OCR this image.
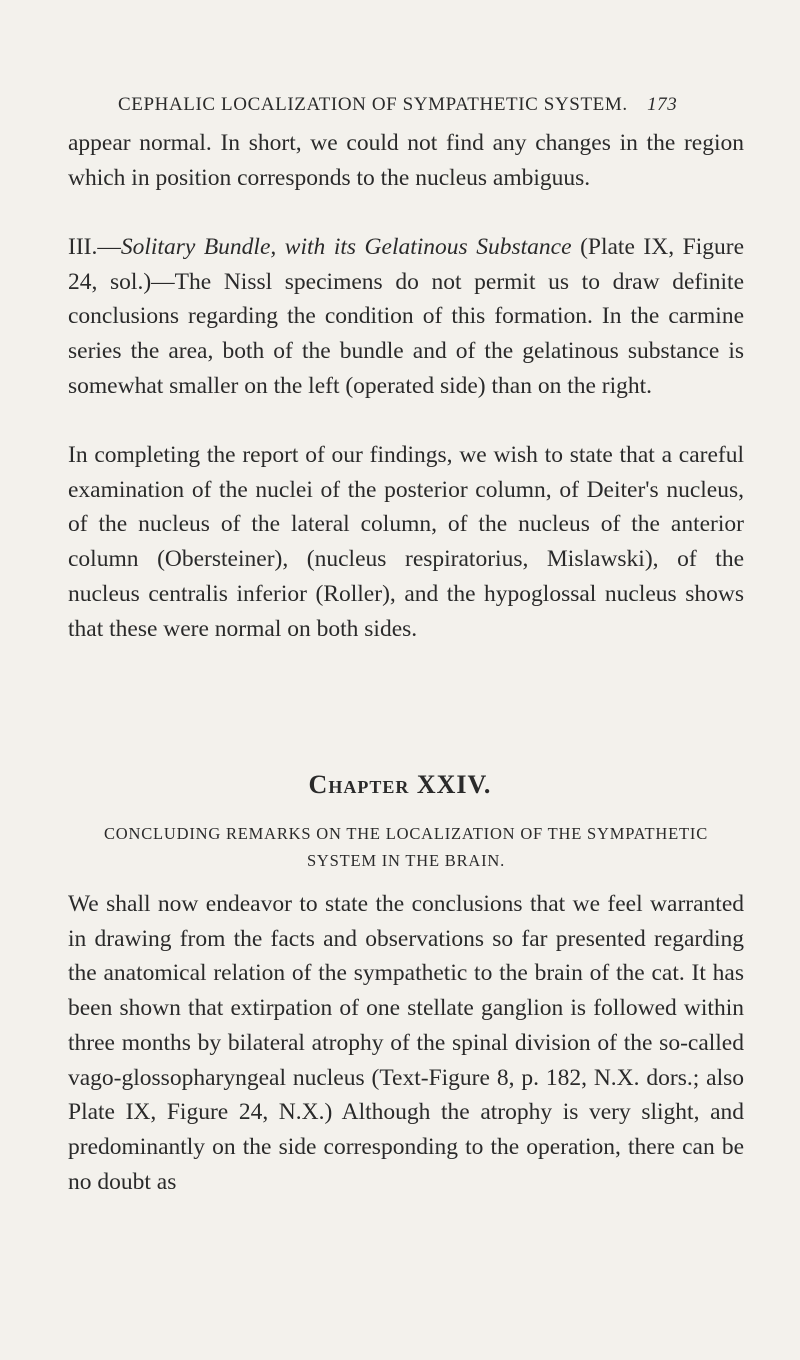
CEPHALIC LOCALIZATION OF SYMPATHETIC SYSTEM. 173

appear normal. In short, we could not find any changes in the region which in position corresponds to the nucleus ambiguus.

III.—Solitary Bundle, with its Gelatinous Substance (Plate IX, Figure 24, sol.)—The Nissl specimens do not permit us to draw definite conclusions regarding the condition of this formation. In the carmine series the area, both of the bundle and of the gelatinous substance is somewhat smaller on the left (operated side) than on the right.

In completing the report of our findings, we wish to state that a careful examination of the nuclei of the posterior column, of Deiter's nucleus, of the nucleus of the lateral column, of the nucleus of the anterior column (Obersteiner), (nucleus respiratorius, Mislawski), of the nucleus centralis inferior (Roller), and the hypoglossal nucleus shows that these were normal on both sides.

Chapter XXIV.

CONCLUDING REMARKS ON THE LOCALIZATION OF THE SYMPATHETIC SYSTEM IN THE BRAIN.

We shall now endeavor to state the conclusions that we feel warranted in drawing from the facts and observations so far presented regarding the anatomical relation of the sympathetic to the brain of the cat. It has been shown that extirpation of one stellate ganglion is followed within three months by bilateral atrophy of the spinal division of the so-called vago-glossopharyngeal nucleus (Text-Figure 8, p. 182, N.X. dors.; also Plate IX, Figure 24, N.X.) Although the atrophy is very slight, and predominantly on the side corresponding to the operation, there can be no doubt as
